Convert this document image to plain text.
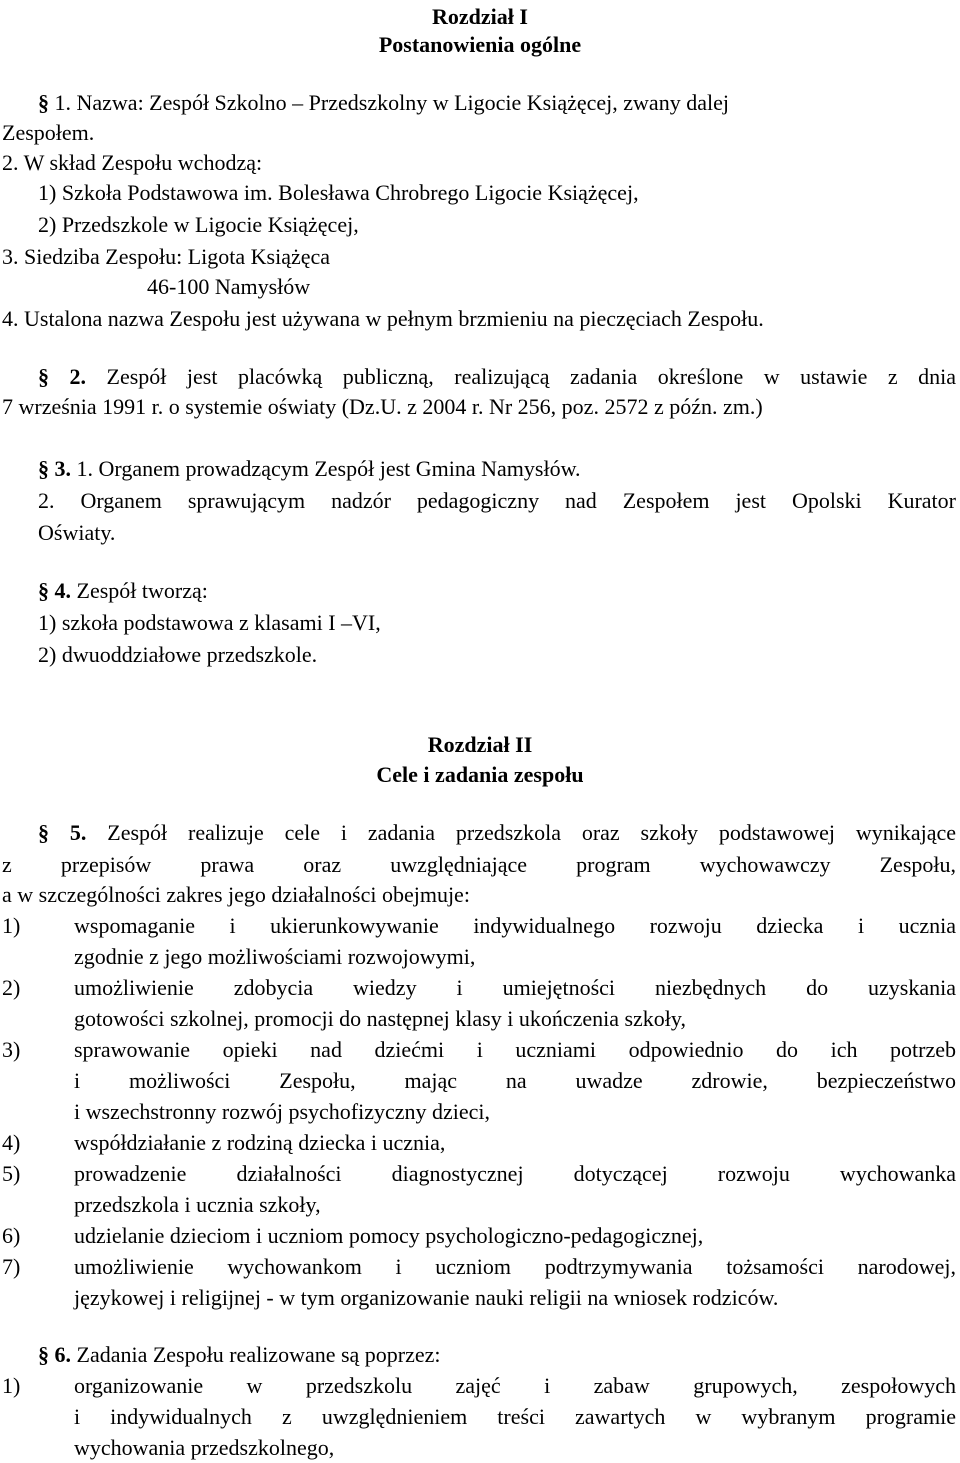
Rozdział I
Postanowienia ogólne
§ 1. Nazwa: Zespół Szkolno – Przedszkolny w Ligocie Książęcej, zwany dalej
Zespołem.
2. W skład Zespołu wchodzą:
1) Szkoła Podstawowa im. Bolesława Chrobrego Ligocie Książęcej,
2) Przedszkole w Ligocie Książęcej,
3. Siedziba Zespołu: Ligota Książęca
46-100 Namysłów
4. Ustalona nazwa Zespołu jest używana w pełnym brzmieniu na pieczęciach Zespołu.
§ 2. Zespół jest placówką publiczną, realizującą zadania określone w ustawie z dnia
7 września 1991 r. o systemie oświaty (Dz.U. z 2004 r. Nr 256, poz. 2572 z późn. zm.)
§ 3. 1. Organem prowadzącym Zespół jest Gmina Namysłów.
2. Organem sprawującym nadzór pedagogiczny nad Zespołem jest Opolski Kurator
Oświaty.
§ 4. Zespół tworzą:
1) szkoła podstawowa z klasami I –VI,
2) dwuoddziałowe przedszkole.
Rozdział II
Cele i zadania zespołu
§ 5. Zespół realizuje cele i zadania przedszkola oraz szkoły podstawowej wynikające
z przepisów prawa oraz uwzględniające program wychowawczy Zespołu,
a w szczególności zakres jego działalności obejmuje:
1) wspomaganie i ukierunkowywanie indywidualnego rozwoju dziecka i ucznia
zgodnie z jego możliwościami rozwojowymi,
2) umożliwienie zdobycia wiedzy i umiejętności niezbędnych do uzyskania
gotowości szkolnej, promocji do następnej klasy i ukończenia szkoły,
3) sprawowanie opieki nad dziećmi i uczniami odpowiednio do ich potrzeb
i możliwości Zespołu, mając na uwadze zdrowie, bezpieczeństwo
i wszechstronny rozwój psychofizyczny dzieci,
4) współdziałanie z rodziną dziecka i ucznia,
5) prowadzenie działalności diagnostycznej dotyczącej rozwoju wychowanka
przedszkola i ucznia szkoły,
6) udzielanie dzieciom i uczniom pomocy psychologiczno-pedagogicznej,
7) umożliwienie wychowankom i uczniom podtrzymywania tożsamości narodowej,
językowej i religijnej - w tym organizowanie nauki religii na wniosek rodziców.
§ 6. Zadania Zespołu realizowane są poprzez:
1) organizowanie w przedszkolu zajęć i zabaw grupowych, zespołowych
i indywidualnych z uwzględnieniem treści zawartych w wybranym programie
wychowania przedszkolnego,
